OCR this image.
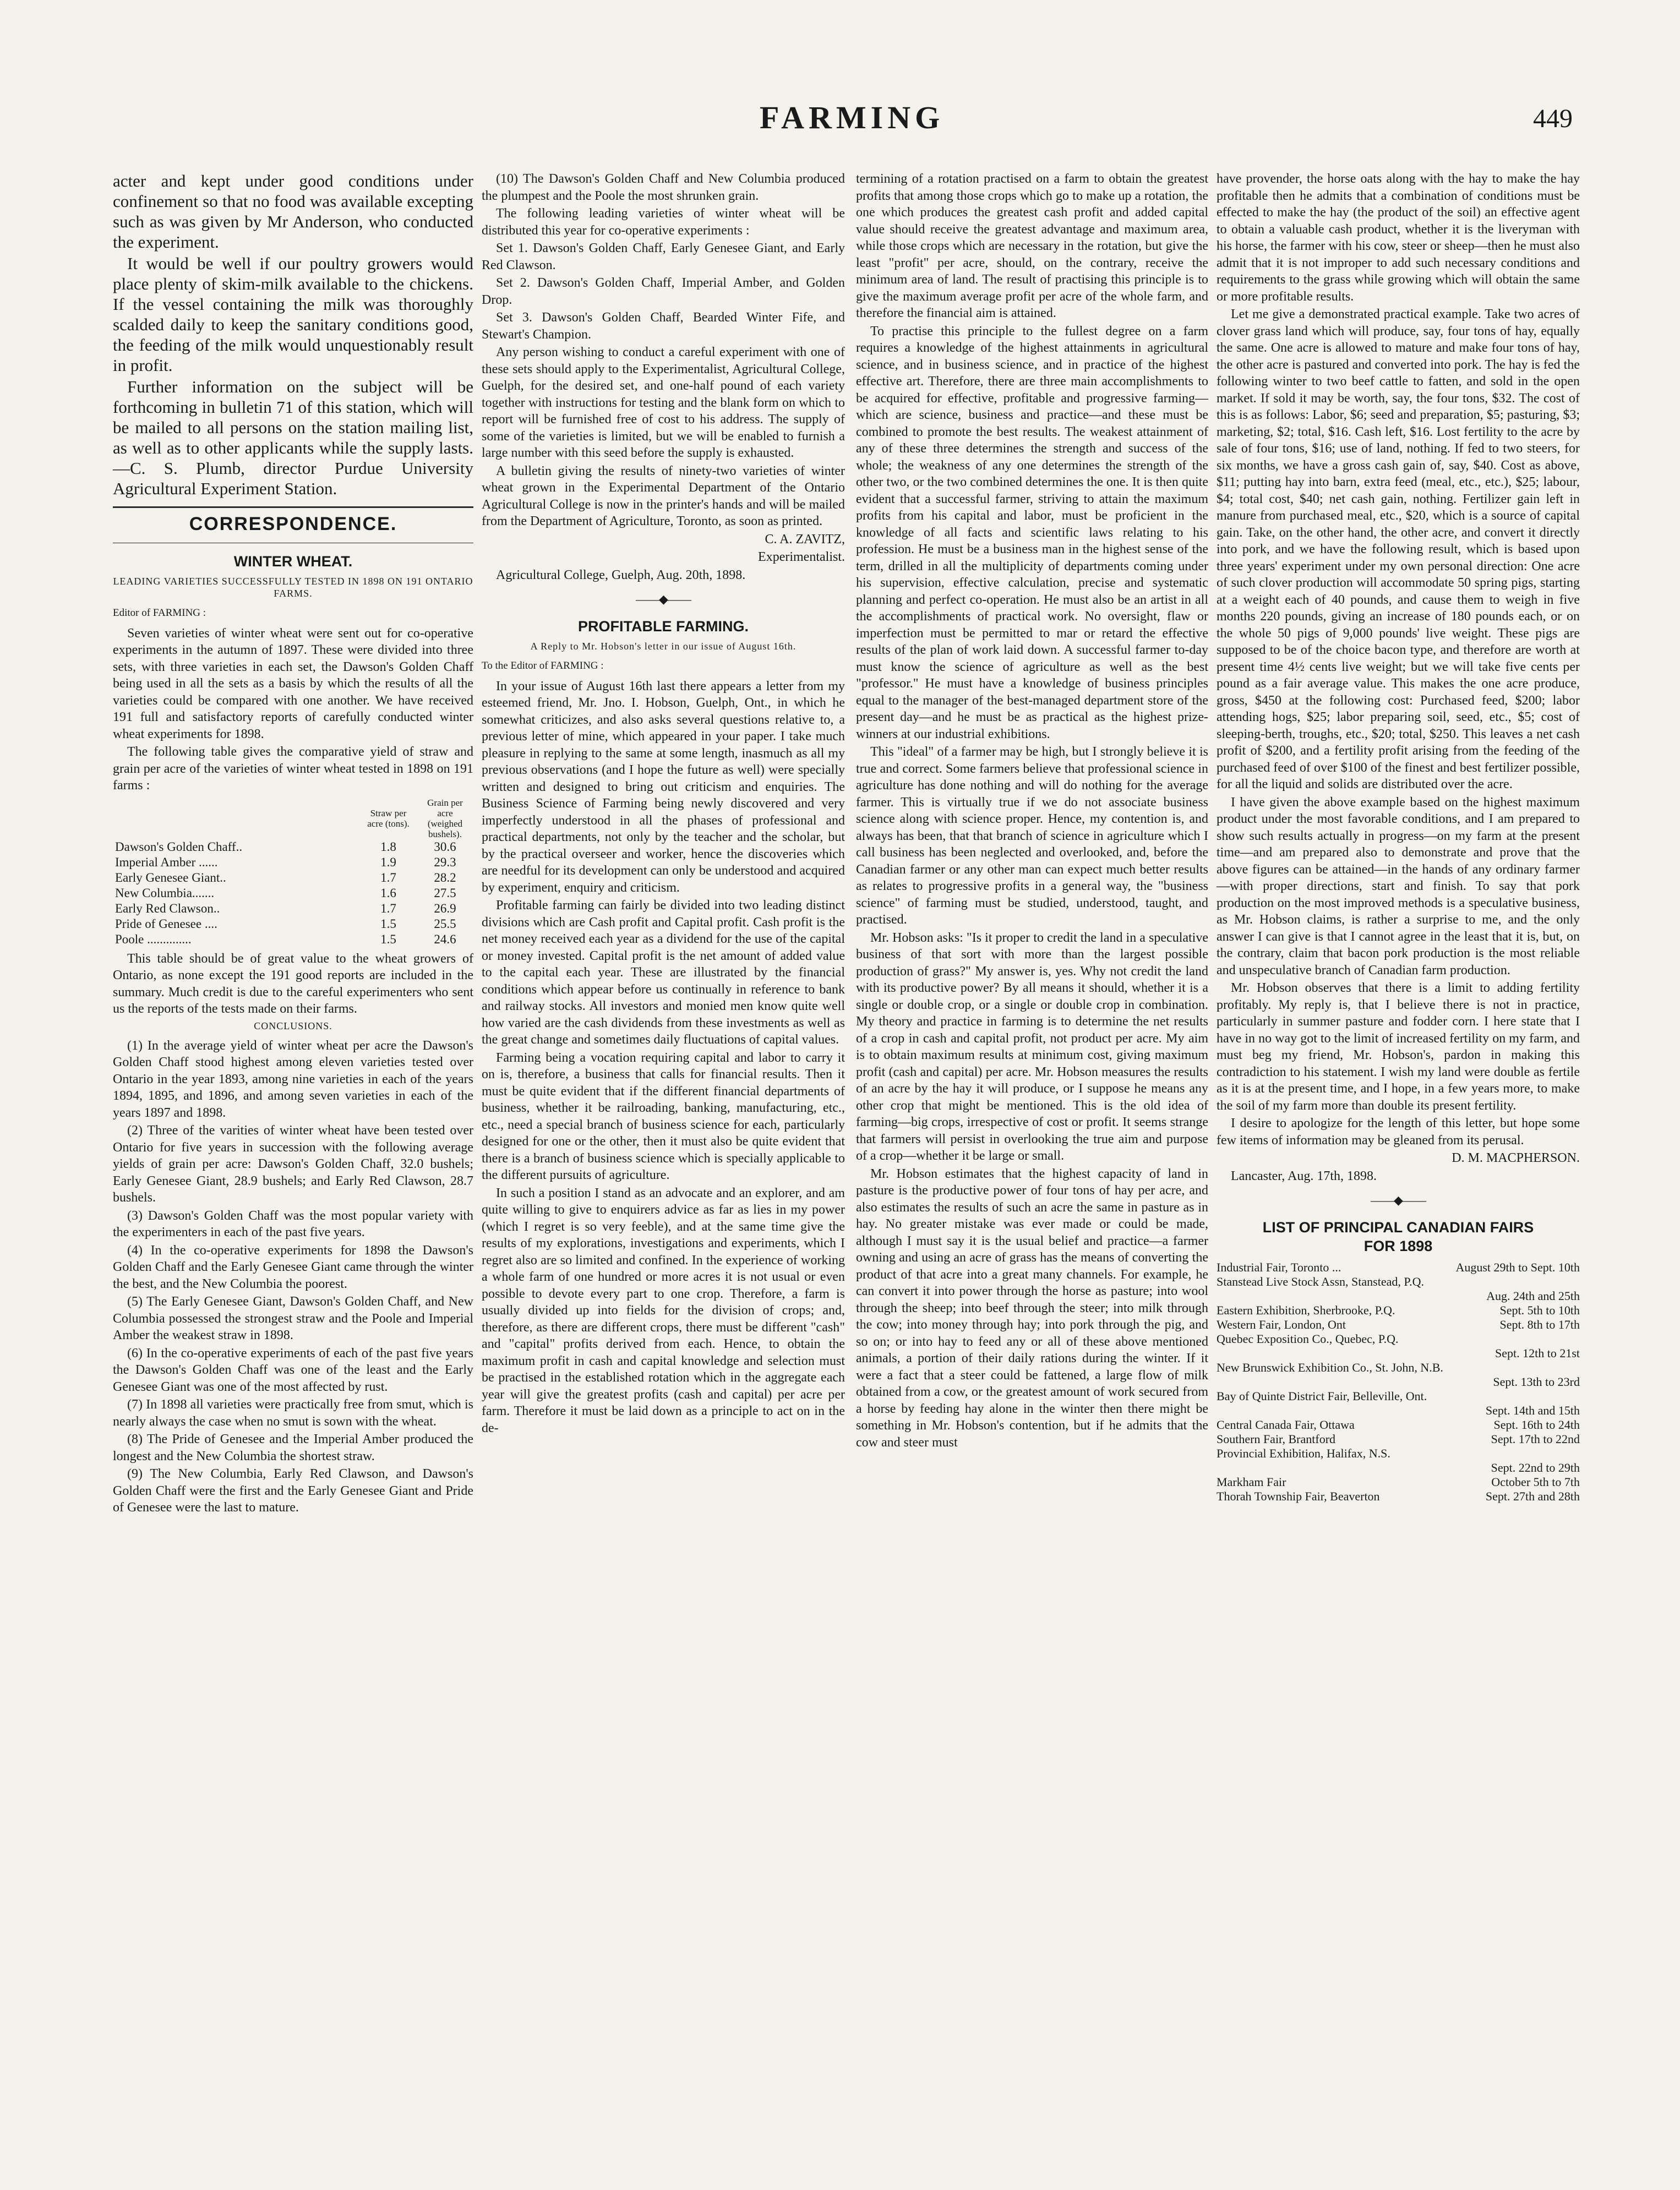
FARMING	449

acter and kept under good conditions under confinement so that no food was available excepting such as was given by Mr Anderson, who conducted the experiment.

It would be well if our poultry growers would place plenty of skim-milk available to the chickens. If the vessel containing the milk was thoroughly scalded daily to keep the sanitary conditions good, the feeding of the milk would unquestionably result in profit.

Further information on the subject will be forthcoming in bulletin 71 of this station, which will be mailed to all persons on the station mailing list, as well as to other applicants while the supply lasts.—C. S. Plumb, director Purdue University Agricultural Experiment Station.

CORRESPONDENCE.
WINTER WHEAT.
LEADING VARIETIES SUCCESSFULLY TESTED IN 1898 ON 191 ONTARIO FARMS.
Editor of FARMING :

Seven varieties of winter wheat were sent out for co-operative experiments in the autumn of 1897. These were divided into three sets, with three varieties in each set, the Dawson's Golden Chaff being used in all the sets as a basis by which the results of all the varieties could be compared with one another. We have received 191 full and satisfactory reports of carefully conducted winter wheat experiments for 1898.

The following table gives the comparative yield of straw and grain per acre of the varieties of winter wheat tested in 1898 on 191 farms :

	Straw per acre (tons).	Grain per acre (weighed bushels).
Dawson's Golden Chaff..	1.8	30.6
Imperial Amber ......	1.9	29.3
Early Genesee Giant..	1.7	28.2
New Columbia.......	1.6	27.5
Early Red Clawson..	1.7	26.9
Pride of Genesee ....	1.5	25.5
Poole ..............	1.5	24.6

This table should be of great value to the wheat growers of Ontario, as none except the 191 good reports are included in the summary. Much credit is due to the careful experimenters who sent us the reports of the tests made on their farms.

CONCLUSIONS.

(1) In the average yield of winter wheat per acre the Dawson's Golden Chaff stood highest among eleven varieties tested over Ontario in the year 1893, among nine varieties in each of the years 1894, 1895, and 1896, and among seven varieties in each of the years 1897 and 1898.

(2) Three of the varities of winter wheat have been tested over Ontario for five years in succession with the following average yields of grain per acre: Dawson's Golden Chaff, 32.0 bushels; Early Genesee Giant, 28.9 bushels; and Early Red Clawson, 28.7 bushels.

(3) Dawson's Golden Chaff was the most popular variety with the experimenters in each of the past five years.

(4) In the co-operative experiments for 1898 the Dawson's Golden Chaff and the Early Genesee Giant came through the winter the best, and the New Columbia the poorest.

(5) The Early Genesee Giant, Dawson's Golden Chaff, and New Columbia possessed the strongest straw and the Poole and Imperial Amber the weakest straw in 1898.

(6) In the co-operative experiments of each of the past five years the Dawson's Golden Chaff was one of the least and the Early Genesee Giant was one of the most affected by rust.

(7) In 1898 all varieties were practically free from smut, which is nearly always the case when no smut is sown with the wheat.

(8) The Pride of Genesee and the Imperial Amber produced the longest and the New Columbia the shortest straw.

(9) The New Columbia, Early Red Clawson, and Dawson's Golden Chaff were the first and the Early Genesee Giant and Pride of Genesee were the last to mature.

(10) The Dawson's Golden Chaff and New Columbia produced the plumpest and the Poole the most shrunken grain.

The following leading varieties of winter wheat will be distributed this year for co-operative experiments :

Set 1. Dawson's Golden Chaff, Early Genesee Giant, and Early Red Clawson.

Set 2. Dawson's Golden Chaff, Imperial Amber, and Golden Drop.

Set 3. Dawson's Golden Chaff, Bearded Winter Fife, and Stewart's Champion.

Any person wishing to conduct a careful experiment with one of these sets should apply to the Experimentalist, Agricultural College, Guelph, for the desired set, and one-half pound of each variety together with instructions for testing and the blank form on which to report will be furnished free of cost to his address. The supply of some of the varieties is limited, but we will be enabled to furnish a large number with this seed before the supply is exhausted.

A bulletin giving the results of ninety-two varieties of winter wheat grown in the Experimental Department of the Ontario Agricultural College is now in the printer's hands and will be mailed from the Department of Agriculture, Toronto, as soon as printed.

C. A. ZAVITZ,

Experimentalist.

Agricultural College, Guelph, Aug. 20th, 1898.

——◆——
PROFITABLE FARMING.
A Reply to Mr. Hobson's letter in our issue of August 16th.
To the Editor of FARMING :

In your issue of August 16th last there appears a letter from my esteemed friend, Mr. Jno. I. Hobson, Guelph, Ont., in which he somewhat criticizes, and also asks several questions relative to, a previous letter of mine, which appeared in your paper. I take much pleasure in replying to the same at some length, inasmuch as all my previous observations (and I hope the future as well) were specially written and designed to bring out criticism and enquiries. The Business Science of Farming being newly discovered and very imperfectly understood in all the phases of professional and practical departments, not only by the teacher and the scholar, but by the practical overseer and worker, hence the discoveries which are needful for its development can only be understood and acquired by experiment, enquiry and criticism.

Profitable farming can fairly be divided into two leading distinct divisions which are Cash profit and Capital profit. Cash profit is the net money received each year as a dividend for the use of the capital or money invested. Capital profit is the net amount of added value to the capital each year. These are illustrated by the financial conditions which appear before us continually in reference to bank and railway stocks. All investors and monied men know quite well how varied are the cash dividends from these investments as well as the great change and sometimes daily fluctuations of capital values.

Farming being a vocation requiring capital and labor to carry it on is, therefore, a business that calls for financial results. Then it must be quite evident that if the different financial departments of business, whether it be railroading, banking, manufacturing, etc., etc., need a special branch of business science for each, particularly designed for one or the other, then it must also be quite evident that there is a branch of business science which is specially applicable to the different pursuits of agriculture.

In such a position I stand as an advocate and an explorer, and am quite willing to give to enquirers advice as far as lies in my power (which I regret is so very feeble), and at the same time give the results of my explorations, investigations and experiments, which I regret also are so limited and confined. In the experience of working a whole farm of one hundred or more acres it is not usual or even possible to devote every part to one crop. Therefore, a farm is usually divided up into fields for the division of crops; and, therefore, as there are different crops, there must be different "cash" and "capital" profits derived from each. Hence, to obtain the maximum profit in cash and capital knowledge and selection must be practised in the established rotation which in the aggregate each year will give the greatest profits (cash and capital) per acre per farm. Therefore it must be laid down as a principle to act on in the de-

termining of a rotation practised on a farm to obtain the greatest profits that among those crops which go to make up a rotation, the one which produces the greatest cash profit and added capital value should receive the greatest advantage and maximum area, while those crops which are necessary in the rotation, but give the least "profit" per acre, should, on the contrary, receive the minimum area of land. The result of practising this principle is to give the maximum average profit per acre of the whole farm, and therefore the financial aim is attained.

To practise this principle to the fullest degree on a farm requires a knowledge of the highest attainments in agricultural science, and in business science, and in practice of the highest effective art. Therefore, there are three main accomplishments to be acquired for effective, profitable and progressive farming—which are science, business and practice—and these must be combined to promote the best results. The weakest attainment of any of these three determines the strength and success of the whole; the weakness of any one determines the strength of the other two, or the two combined determines the one. It is then quite evident that a successful farmer, striving to attain the maximum profits from his capital and labor, must be proficient in the knowledge of all facts and scientific laws relating to his profession. He must be a business man in the highest sense of the term, drilled in all the multiplicity of departments coming under his supervision, effective calculation, precise and systematic planning and perfect co-operation. He must also be an artist in all the accomplishments of practical work. No oversight, flaw or imperfection must be permitted to mar or retard the effective results of the plan of work laid down. A successful farmer to-day must know the science of agriculture as well as the best "professor." He must have a knowledge of business principles equal to the manager of the best-managed department store of the present day—and he must be as practical as the highest prize-winners at our industrial exhibitions.

This "ideal" of a farmer may be high, but I strongly believe it is true and correct. Some farmers believe that professional science in agriculture has done nothing and will do nothing for the average farmer. This is virtually true if we do not associate business science along with science proper. Hence, my contention is, and always has been, that that branch of science in agriculture which I call business has been neglected and overlooked, and, before the Canadian farmer or any other man can expect much better results as relates to progressive profits in a general way, the "business science" of farming must be studied, understood, taught, and practised.

Mr. Hobson asks: "Is it proper to credit the land in a speculative business of that sort with more than the largest possible production of grass?" My answer is, yes. Why not credit the land with its productive power? By all means it should, whether it is a single or double crop, or a single or double crop in combination. My theory and practice in farming is to determine the net results of a crop in cash and capital profit, not product per acre. My aim is to obtain maximum results at minimum cost, giving maximum profit (cash and capital) per acre. Mr. Hobson measures the results of an acre by the hay it will produce, or I suppose he means any other crop that might be mentioned. This is the old idea of farming—big crops, irrespective of cost or profit. It seems strange that farmers will persist in overlooking the true aim and purpose of a crop—whether it be large or small.

Mr. Hobson estimates that the highest capacity of land in pasture is the productive power of four tons of hay per acre, and also estimates the results of such an acre the same in pasture as in hay. No greater mistake was ever made or could be made, although I must say it is the usual belief and practice—a farmer owning and using an acre of grass has the means of converting the product of that acre into a great many channels. For example, he can convert it into power through the horse as pasture; into wool through the sheep; into beef through the steer; into milk through the cow; into money through hay; into pork through the pig, and so on; or into hay to feed any or all of these above mentioned animals, a portion of their daily rations during the winter. If it were a fact that a steer could be fattened, a large flow of milk obtained from a cow, or the greatest amount of work secured from a horse by feeding hay alone in the winter then there might be something in Mr. Hobson's contention, but if he admits that the cow and steer must

have provender, the horse oats along with the hay to make the hay profitable then he admits that a combination of conditions must be effected to make the hay (the product of the soil) an effective agent to obtain a valuable cash product, whether it is the liveryman with his horse, the farmer with his cow, steer or sheep—then he must also admit that it is not improper to add such necessary conditions and requirements to the grass while growing which will obtain the same or more profitable results.

Let me give a demonstrated practical example. Take two acres of clover grass land which will produce, say, four tons of hay, equally the same. One acre is allowed to mature and make four tons of hay, the other acre is pastured and converted into pork. The hay is fed the following winter to two beef cattle to fatten, and sold in the open market. If sold it may be worth, say, the four tons, $32. The cost of this is as follows: Labor, $6; seed and preparation, $5; pasturing, $3; marketing, $2; total, $16. Cash left, $16. Lost fertility to the acre by sale of four tons, $16; use of land, nothing. If fed to two steers, for six months, we have a gross cash gain of, say, $40. Cost as above, $11; putting hay into barn, extra feed (meal, etc., etc.), $25; labour, $4; total cost, $40; net cash gain, nothing. Fertilizer gain left in manure from purchased meal, etc., $20, which is a source of capital gain. Take, on the other hand, the other acre, and convert it directly into pork, and we have the following result, which is based upon three years' experiment under my own personal direction: One acre of such clover production will accommodate 50 spring pigs, starting at a weight each of 40 pounds, and cause them to weigh in five months 220 pounds, giving an increase of 180 pounds each, or on the whole 50 pigs of 9,000 pounds' live weight. These pigs are supposed to be of the choice bacon type, and therefore are worth at present time 4½ cents live weight; but we will take five cents per pound as a fair average value. This makes the one acre produce, gross, $450 at the following cost: Purchased feed, $200; labor attending hogs, $25; labor preparing soil, seed, etc., $5; cost of sleeping-berth, troughs, etc., $20; total, $250. This leaves a net cash profit of $200, and a fertility profit arising from the feeding of the purchased feed of over $100 of the finest and best fertilizer possible, for all the liquid and solids are distributed over the acre.

I have given the above example based on the highest maximum product under the most favorable conditions, and I am prepared to show such results actually in progress—on my farm at the present time—and am prepared also to demonstrate and prove that the above figures can be attained—in the hands of any ordinary farmer—with proper directions, start and finish. To say that pork production on the most improved methods is a speculative business, as Mr. Hobson claims, is rather a surprise to me, and the only answer I can give is that I cannot agree in the least that it is, but, on the contrary, claim that bacon pork production is the most reliable and unspeculative branch of Canadian farm production.

Mr. Hobson observes that there is a limit to adding fertility profitably. My reply is, that I believe there is not in practice, particularly in summer pasture and fodder corn. I here state that I have in no way got to the limit of increased fertility on my farm, and must beg my friend, Mr. Hobson's, pardon in making this contradiction to his statement. I wish my land were double as fertile as it is at the present time, and I hope, in a few years more, to make the soil of my farm more than double its present fertility.

I desire to apologize for the length of this letter, but hope some few items of information may be gleaned from its perusal.

D. M. MACPHERSON.

Lancaster, Aug. 17th, 1898.

——◆——
LIST OF PRINCIPAL CANADIAN FAIRS
FOR 1898
Industrial Fair, Toronto ...	August 29th to Sept. 10th
Stanstead Live Stock Assn, Stanstead, P.Q.
Aug. 24th and 25th
Eastern Exhibition, Sherbrooke, P.Q.	Sept. 5th to 10th
Western Fair, London, Ont	Sept. 8th to 17th
Quebec Exposition Co., Quebec, P.Q.
Sept. 12th to 21st
New Brunswick Exhibition Co., St. John, N.B.
Sept. 13th to 23rd
Bay of Quinte District Fair, Belleville, Ont.
Sept. 14th and 15th
Central Canada Fair, Ottawa	Sept. 16th to 24th
Southern Fair, Brantford	Sept. 17th to 22nd
Provincial Exhibition, Halifax, N.S.
Sept. 22nd to 29th
Markham Fair	October 5th to 7th
Thorah Township Fair, Beaverton	Sept. 27th and 28th
